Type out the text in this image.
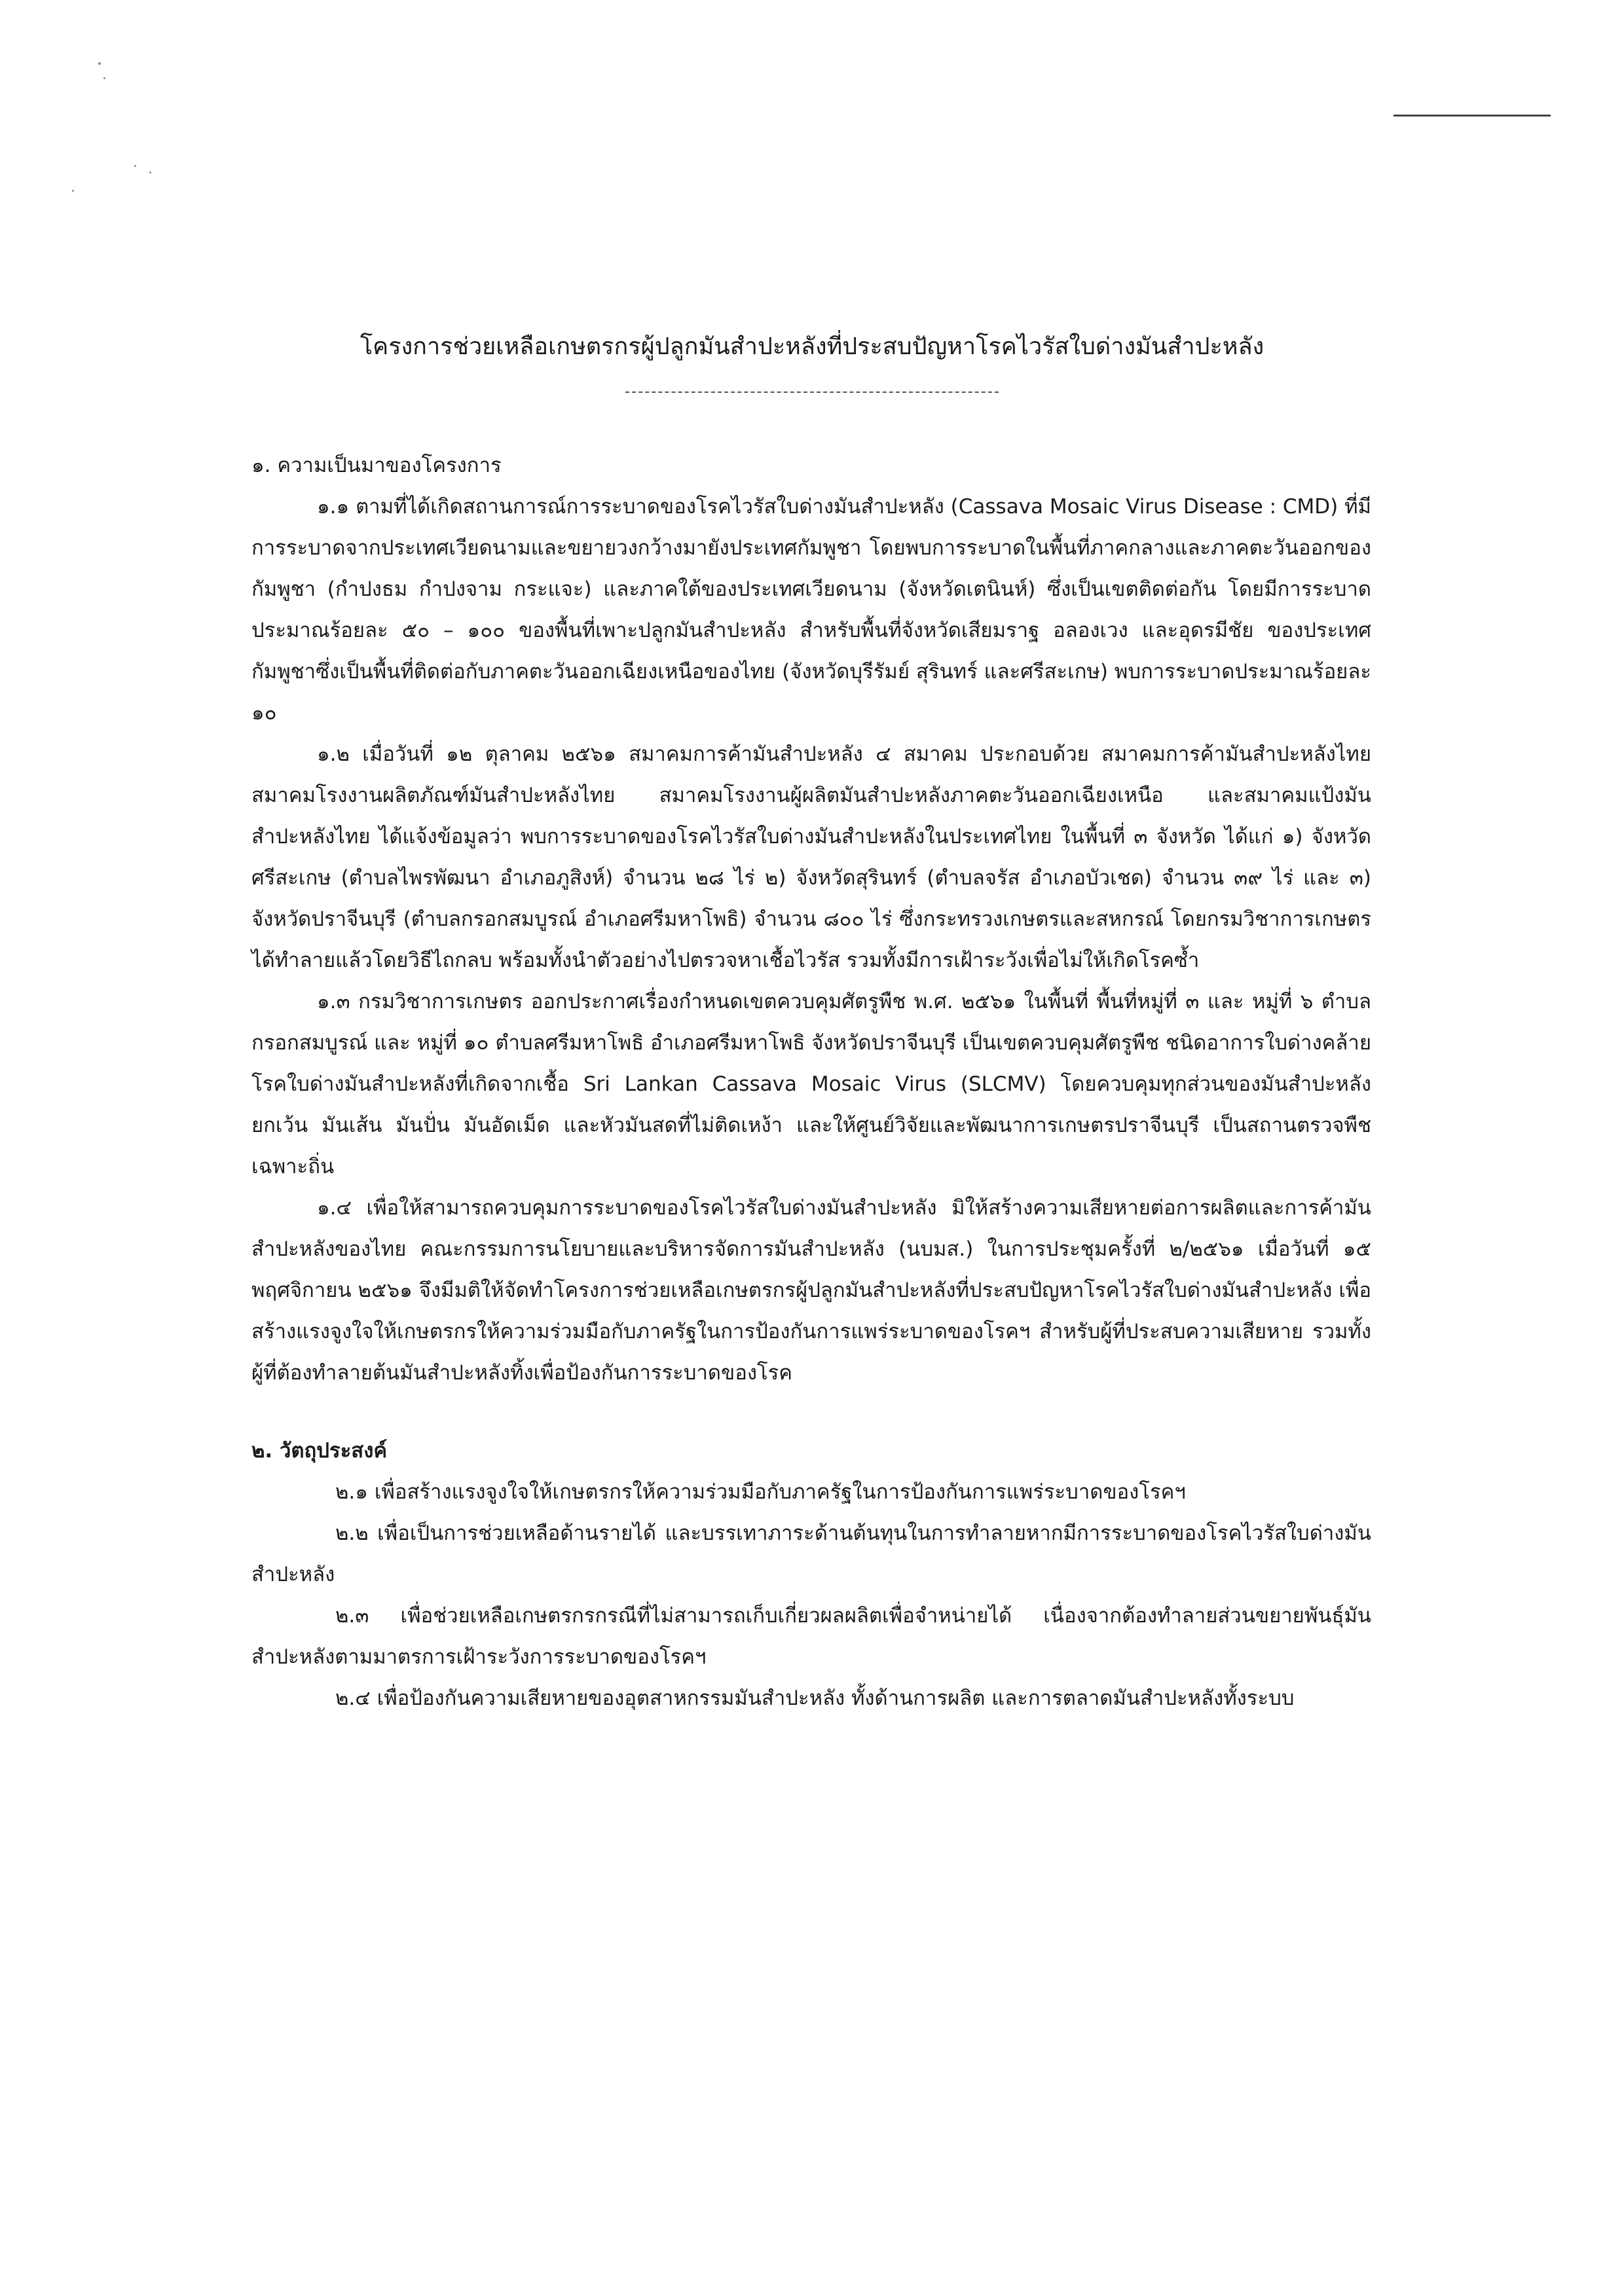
โครงการช่วยเหลือเกษตรกรผู้ปลูกมันสำปะหลังที่ประสบปัญหาโรคไวรัสใบด่างมันสำปะหลัง

๑. ความเป็นมาของโครงการ

๑.๑ ตามที่ได้เกิดสถานการณ์การระบาดของโรคไวรัสใบด่างมันสำปะหลัง (Cassava Mosaic Virus Disease : CMD) ที่มีการระบาดจากประเทศเวียดนามและขยายวงกว้างมายังประเทศกัมพูชา โดยพบการระบาดในพื้นที่ภาคกลางและภาคตะวันออกของกัมพูชา (กำปงธม กำปงจาม กระแจะ) และภาคใต้ของประเทศเวียดนาม (จังหวัดเตนินห์) ซึ่งเป็นเขตติดต่อกัน โดยมีการระบาดประมาณร้อยละ ๕๐ – ๑๐๐ ของพื้นที่เพาะปลูกมันสำปะหลัง สำหรับพื้นที่จังหวัดเสียมราฐ อลองเวง และอุดรมีชัย ของประเทศกัมพูชาซึ่งเป็นพื้นที่ติดต่อกับภาคตะวันออกเฉียงเหนือของไทย (จังหวัดบุรีรัมย์ สุรินทร์ และศรีสะเกษ) พบการระบาดประมาณร้อยละ ๑๐

๑.๒ เมื่อวันที่ ๑๒ ตุลาคม ๒๕๖๑ สมาคมการค้ามันสำปะหลัง ๔ สมาคม ประกอบด้วย สมาคมการค้ามันสำปะหลังไทย สมาคมโรงงานผลิตภัณฑ์มันสำปะหลังไทย สมาคมโรงงานผู้ผลิตมันสำปะหลังภาคตะวันออกเฉียงเหนือ และสมาคมแป้งมันสำปะหลังไทย ได้แจ้งข้อมูลว่า พบการระบาดของโรคไวรัสใบด่างมันสำปะหลังในประเทศไทย ในพื้นที่ ๓ จังหวัด ได้แก่ ๑) จังหวัดศรีสะเกษ (ตำบลไพรพัฒนา อำเภอภูสิงห์) จำนวน ๒๘ ไร่ ๒) จังหวัดสุรินทร์ (ตำบลจรัส อำเภอบัวเชด) จำนวน ๓๙ ไร่ และ ๓) จังหวัดปราจีนบุรี (ตำบลกรอกสมบูรณ์ อำเภอศรีมหาโพธิ) จำนวน ๘๐๐ ไร่ ซึ่งกระทรวงเกษตรและสหกรณ์ โดยกรมวิชาการเกษตรได้ทำลายแล้วโดยวิธีไถกลบ พร้อมทั้งนำตัวอย่างไปตรวจหาเชื้อไวรัส รวมทั้งมีการเฝ้าระวังเพื่อไม่ให้เกิดโรคซ้ำ

๑.๓ กรมวิชาการเกษตร ออกประกาศเรื่องกำหนดเขตควบคุมศัตรูพืช พ.ศ. ๒๕๖๑ ในพื้นที่ พื้นที่หมู่ที่ ๓ และ หมู่ที่ ๖ ตำบลกรอกสมบูรณ์ และ หมู่ที่ ๑๐ ตำบลศรีมหาโพธิ อำเภอศรีมหาโพธิ จังหวัดปราจีนบุรี เป็นเขตควบคุมศัตรูพืช ชนิดอาการใบด่างคล้ายโรคใบด่างมันสำปะหลังที่เกิดจากเชื้อ Sri Lankan Cassava Mosaic Virus (SLCMV) โดยควบคุมทุกส่วนของมันสำปะหลัง ยกเว้น มันเส้น มันปั่น มันอัดเม็ด และหัวมันสดที่ไม่ติดเหง้า และให้ศูนย์วิจัยและพัฒนาการเกษตรปราจีนบุรี เป็นสถานตรวจพืชเฉพาะถิ่น

๑.๔ เพื่อให้สามารถควบคุมการระบาดของโรคไวรัสใบด่างมันสำปะหลัง มิให้สร้างความเสียหายต่อการผลิตและการค้ามันสำปะหลังของไทย คณะกรรมการนโยบายและบริหารจัดการมันสำปะหลัง (นบมส.) ในการประชุมครั้งที่ ๒/๒๕๖๑ เมื่อวันที่ ๑๕ พฤศจิกายน ๒๕๖๑ จึงมีมติให้จัดทำโครงการช่วยเหลือเกษตรกรผู้ปลูกมันสำปะหลังที่ประสบปัญหาโรคไวรัสใบด่างมันสำปะหลัง เพื่อสร้างแรงจูงใจให้เกษตรกรให้ความร่วมมือกับภาครัฐในการป้องกันการแพร่ระบาดของโรคฯ สำหรับผู้ที่ประสบความเสียหาย รวมทั้งผู้ที่ต้องทำลายต้นมันสำปะหลังทิ้งเพื่อป้องกันการระบาดของโรค

๒. วัตถุประสงค์

๒.๑ เพื่อสร้างแรงจูงใจให้เกษตรกรให้ความร่วมมือกับภาครัฐในการป้องกันการแพร่ระบาดของโรคฯ

๒.๒ เพื่อเป็นการช่วยเหลือด้านรายได้ และบรรเทาภาระด้านต้นทุนในการทำลายหากมีการระบาดของโรคไวรัสใบด่างมันสำปะหลัง

๒.๓ เพื่อช่วยเหลือเกษตรกรกรณีที่ไม่สามารถเก็บเกี่ยวผลผลิตเพื่อจำหน่ายได้ เนื่องจากต้องทำลายส่วนขยายพันธุ์มันสำปะหลังตามมาตรการเฝ้าระวังการระบาดของโรคฯ

๒.๔ เพื่อป้องกันความเสียหายของอุตสาหกรรมมันสำปะหลัง ทั้งด้านการผลิต และการตลาดมันสำปะหลังทั้งระบบ
